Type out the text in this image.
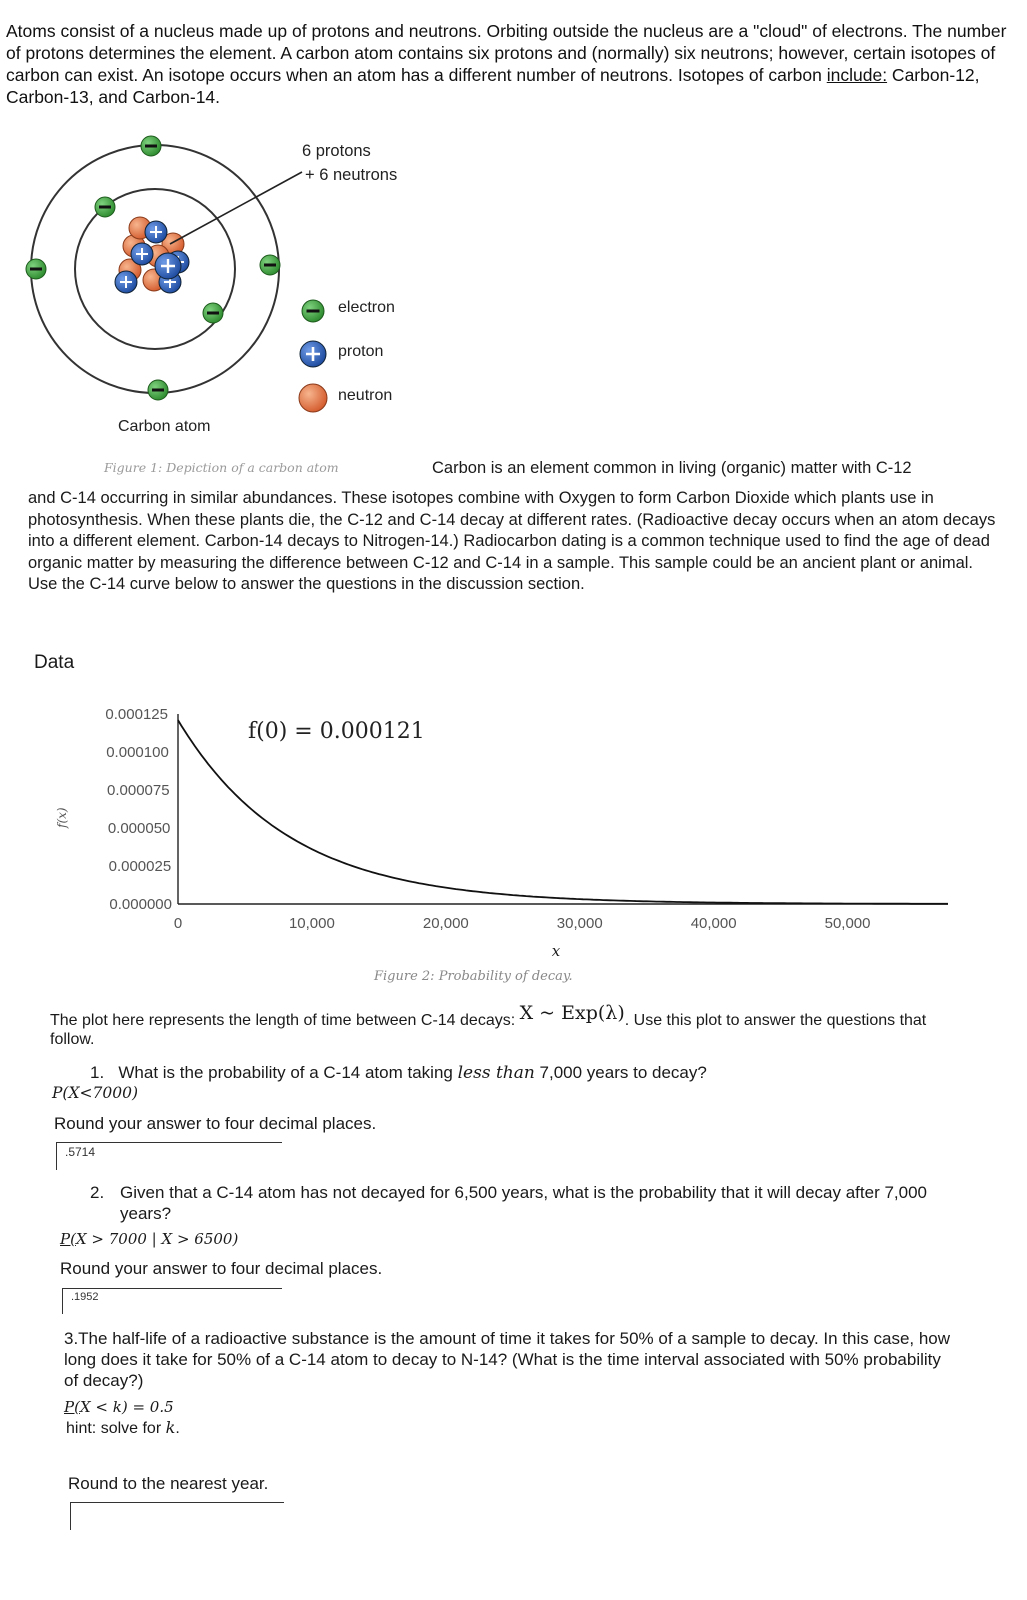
Atoms consist of a nucleus made up of protons and neutrons. Orbiting outside the nucleus are a "cloud" of electrons. The number of protons determines the element. A carbon atom contains six protons and (normally) six neutrons; however, certain isotopes of carbon can exist. An isotope occurs when an atom has a different number of neutrons. Isotopes of carbon include: Carbon-12, Carbon-13, and Carbon-14.

6 protons
+ 6 neutrons
electron
proton
neutron
Carbon atom
Figure 1: Depiction of a carbon atom	Carbon is an element common in living (organic) matter with C-12

and C-14 occurring in similar abundances. These isotopes combine with Oxygen to form Carbon Dioxide which plants use in photosynthesis. When these plants die, the C-12 and C-14 decay at different rates. (Radioactive decay occurs when an atom decays into a different element. Carbon-14 decays to Nitrogen-14.) Radiocarbon dating is a common technique used to find the age of dead organic matter by measuring the difference between C-12 and C-14 in a sample. This sample could be an ancient plant or animal. Use the C-14 curve below to answer the questions in the discussion section.

Data
0.000125
0.000100
0.000075
0.000050
0.000025
0.000000
0	10,000	20,000	30,000	40,000	50,000
f(x)
x
f(0) = 0.000121
Figure 2: Probability of decay.
The plot here represents the length of time between C-14 decays: X ~ Exp(λ). Use this plot to answer the questions that follow.
1. What is the probability of a C-14 atom taking less than 7,000 years to decay?
P(X<7000)
Round your answer to four decimal places.
.5714
2. Given that a C-14 atom has not decayed for 6,500 years, what is the probability that it will decay after 7,000 years?
P(X > 7000 | X > 6500)
Round your answer to four decimal places.
.1952
3.The half-life of a radioactive substance is the amount of time it takes for 50% of a sample to decay. In this case, how long does it take for 50% of a C-14 atom to decay to N-14? (What is the time interval associated with 50% probability of decay?)
P(X < k) = 0.5
hint: solve for k.
Round to the nearest year.
